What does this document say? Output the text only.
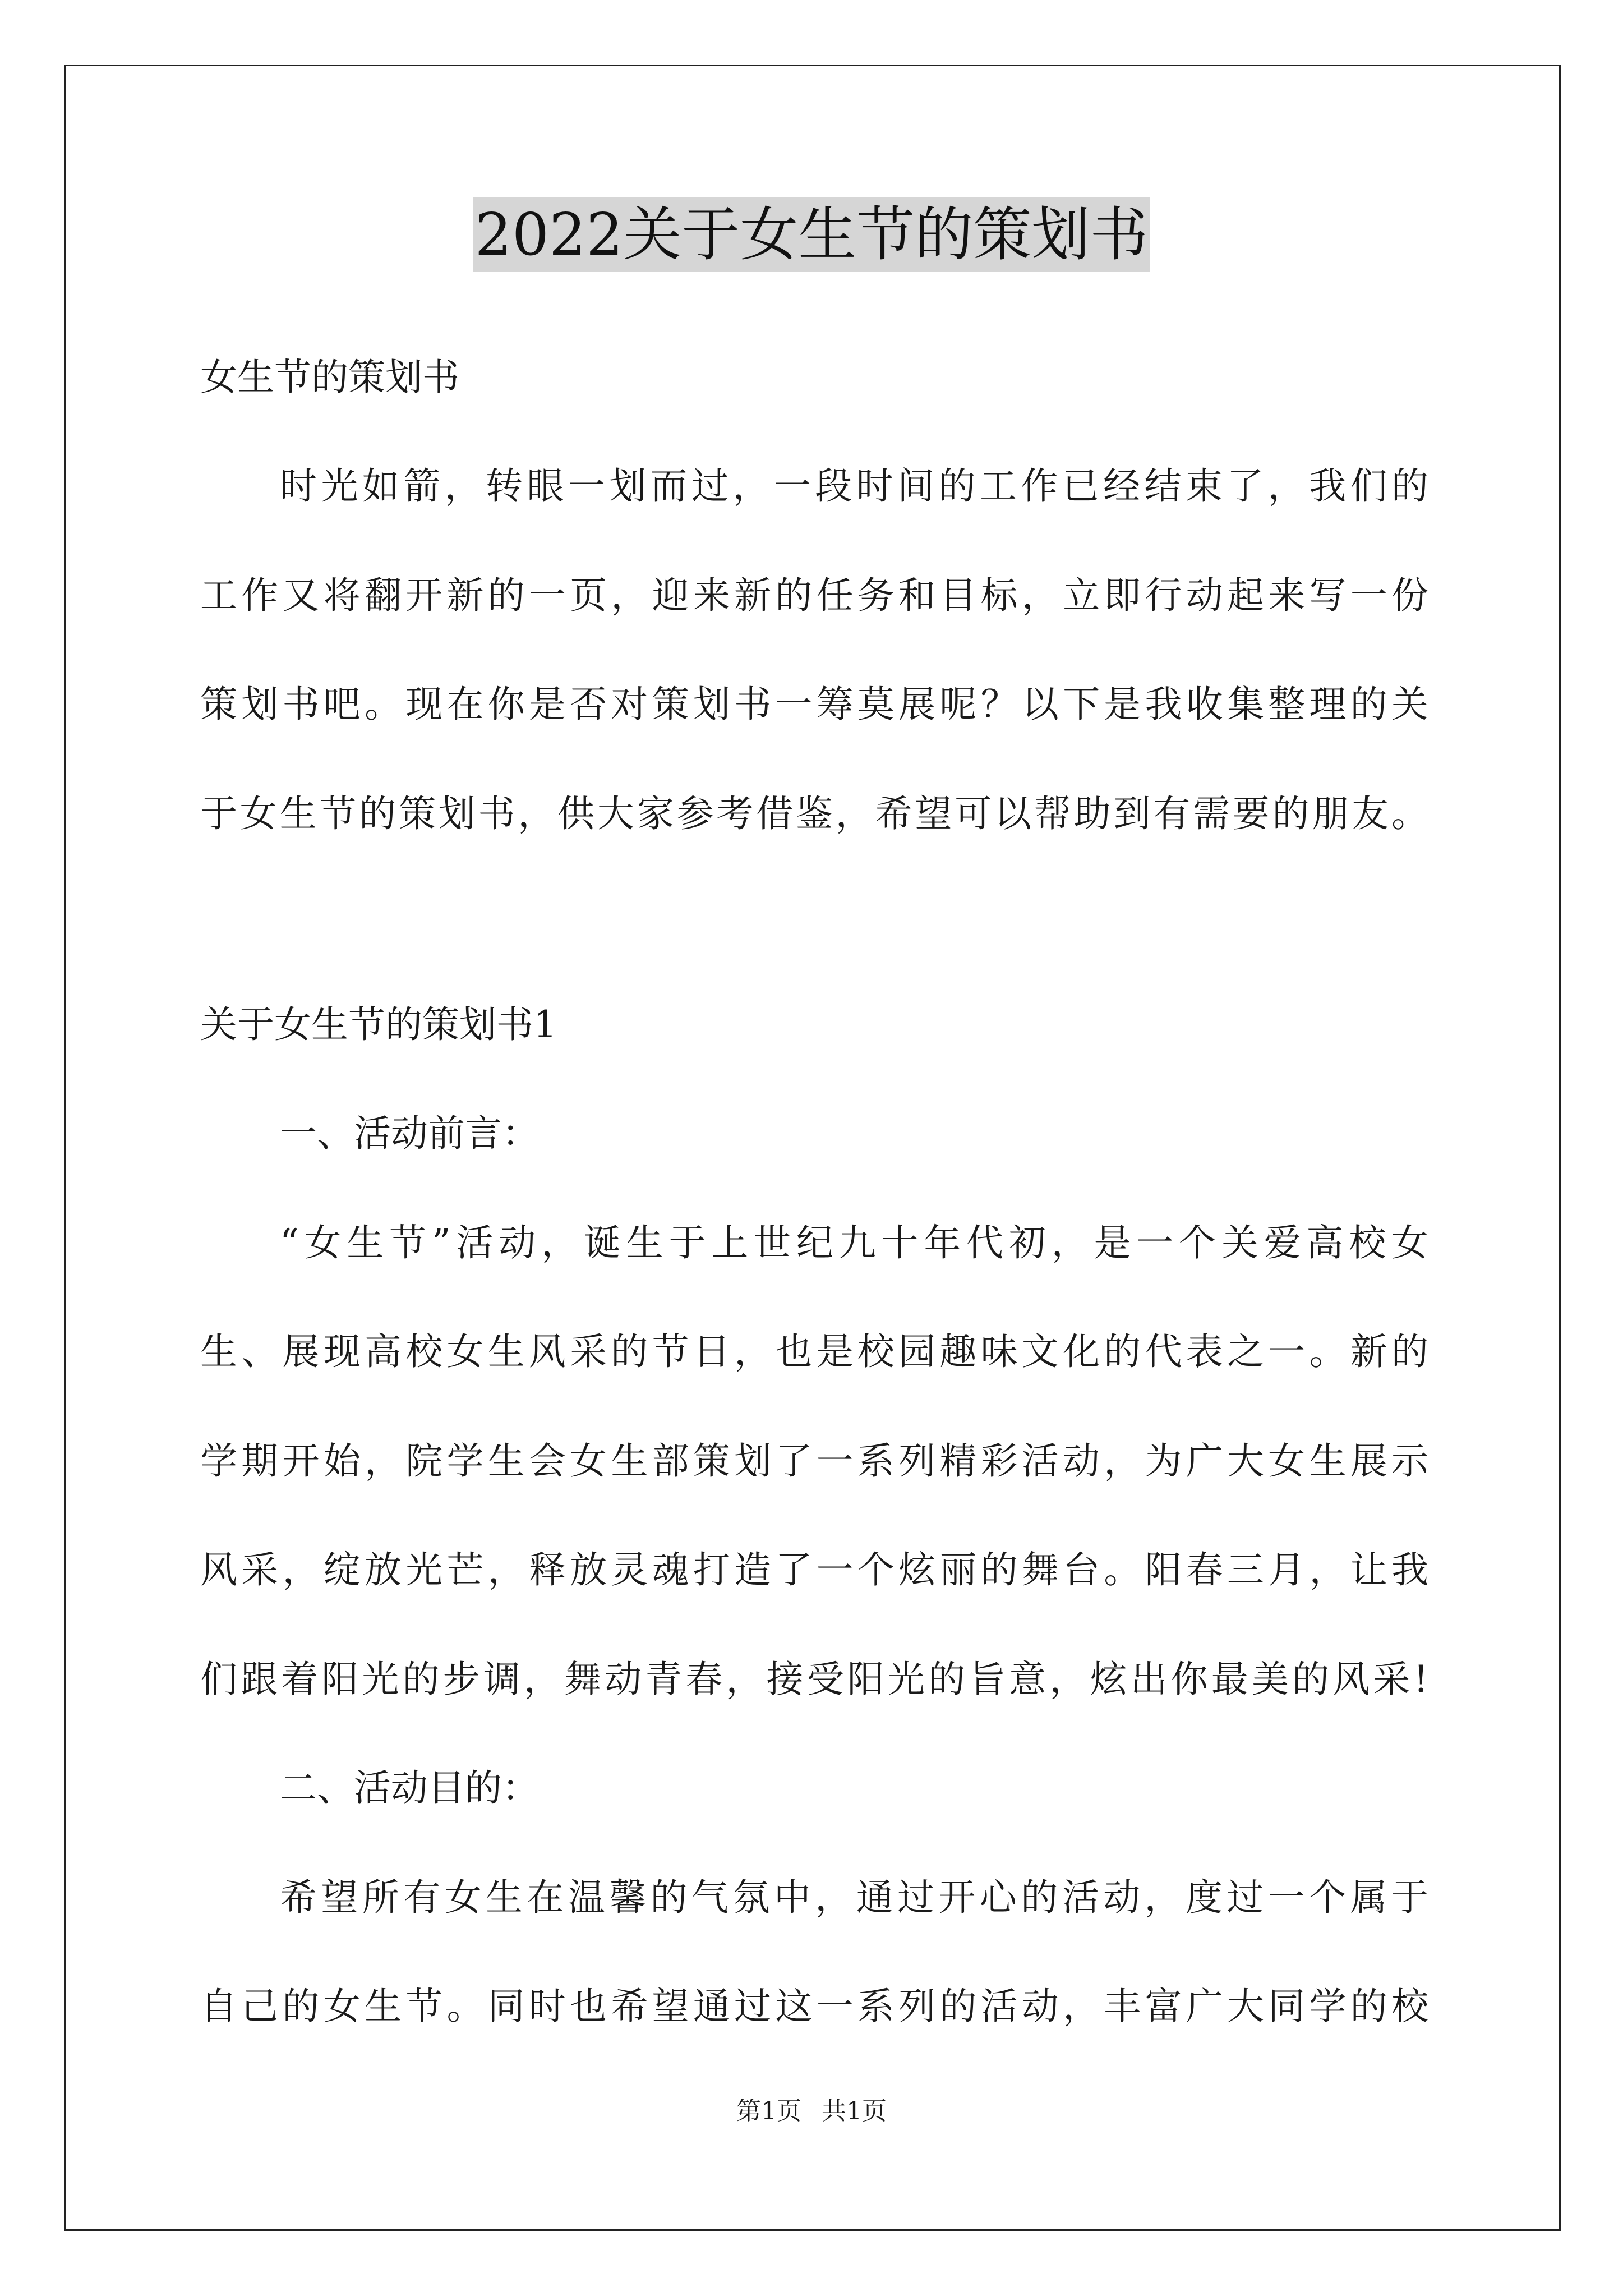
2022关于女生节的策划书
女生节的策划书
时光如箭，转眼一划而过，一段时间的工作已经结束了，我们的
工作又将翻开新的一页，迎来新的任务和目标，立即行动起来写一份
策划书吧。现在你是否对策划书一筹莫展呢？以下是我收集整理的关
于女生节的策划书，供大家参考借鉴，希望可以帮助到有需要的朋友。
关于女生节的策划书1
一、活动前言：
“女生节”活动，诞生于上世纪九十年代初，是一个关爱高校女
生、展现高校女生风采的节日，也是校园趣味文化的代表之一。新的
学期开始，院学生会女生部策划了一系列精彩活动，为广大女生展示
风采，绽放光芒，释放灵魂打造了一个炫丽的舞台。阳春三月，让我
们跟着阳光的步调，舞动青春，接受阳光的旨意，炫出你最美的风采!
二、活动目的：
希望所有女生在温馨的气氛中，通过开心的活动，度过一个属于
自己的女生节。同时也希望通过这一系列的活动，丰富广大同学的校
第1页 共1页
